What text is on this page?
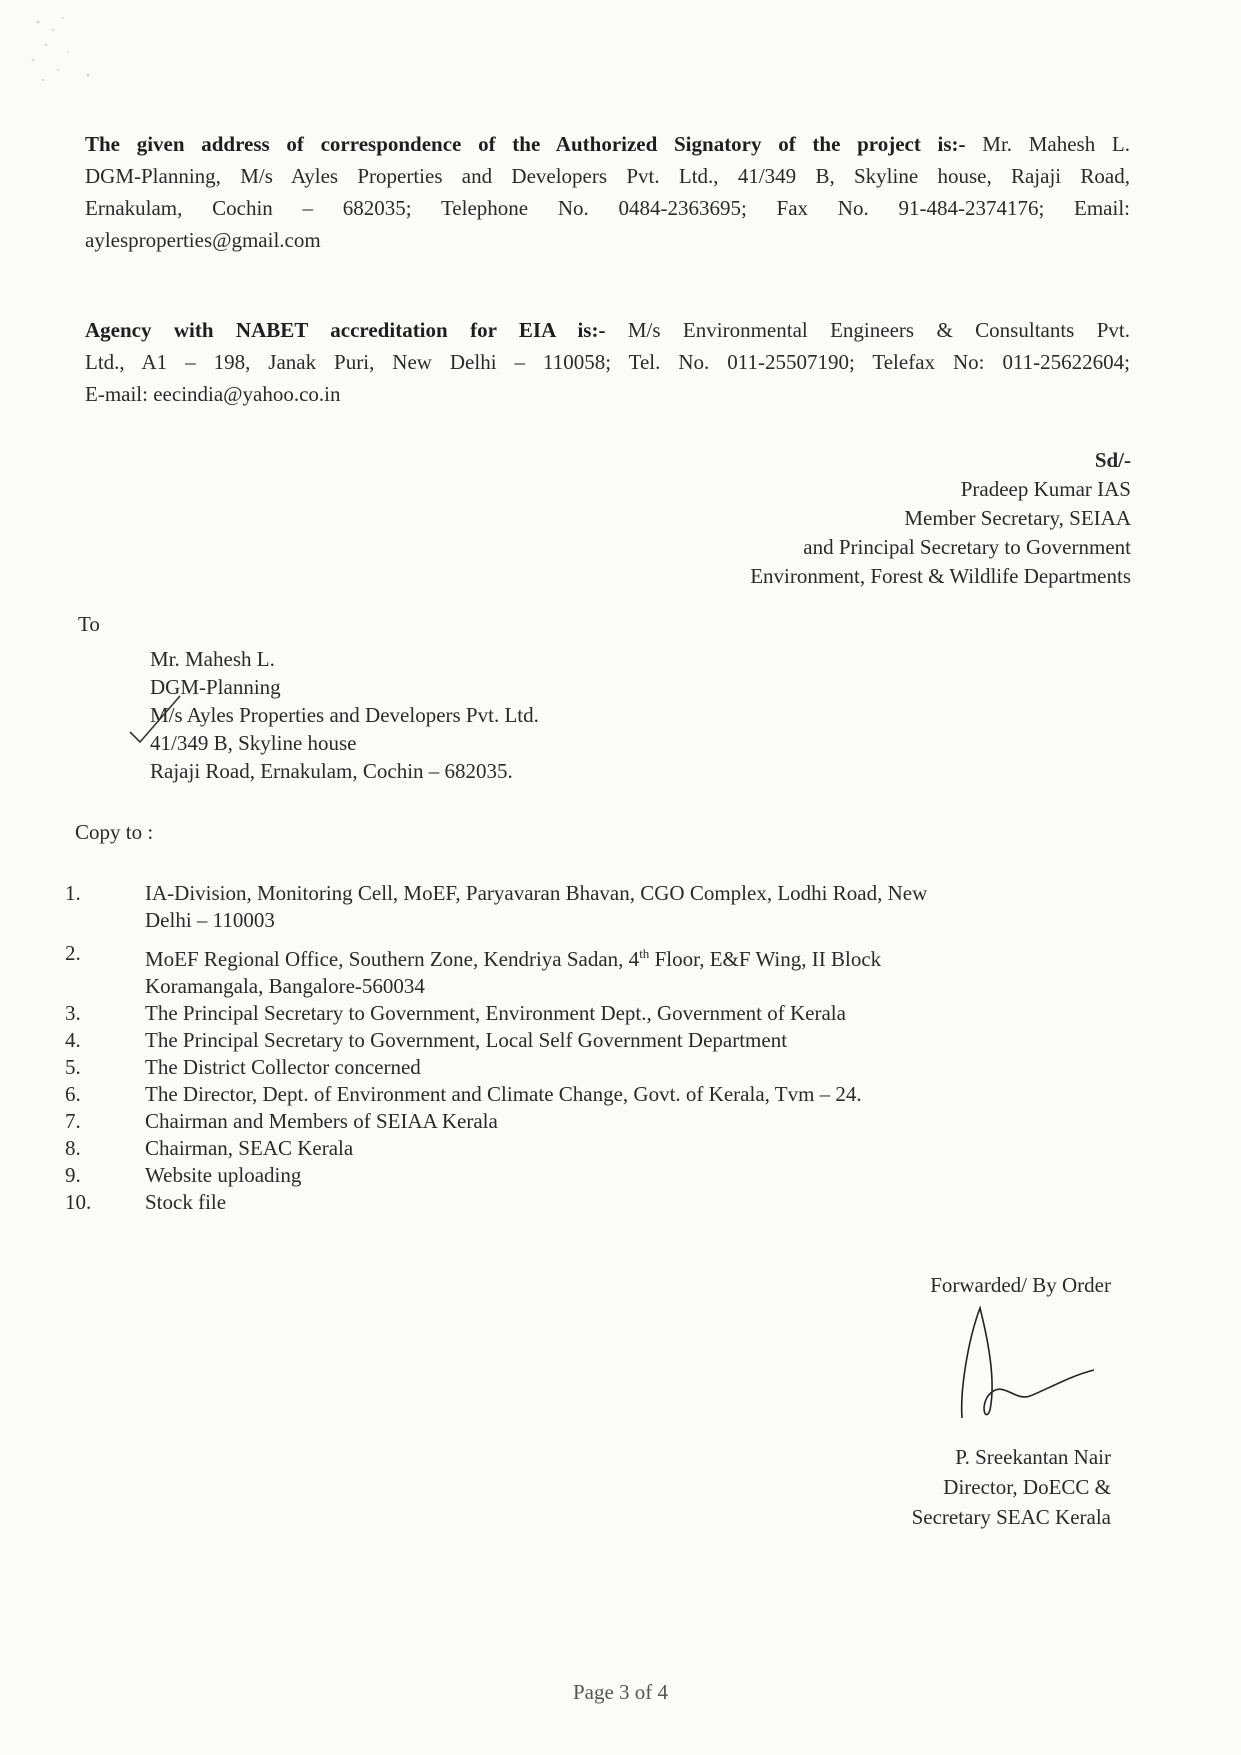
The given address of correspondence of the Authorized Signatory of the project is:- Mr. Mahesh L.
DGM-Planning, M/s Ayles Properties and Developers Pvt. Ltd., 41/349 B, Skyline house, Rajaji Road,
Ernakulam, Cochin – 682035; Telephone No. 0484-2363695; Fax No. 91-484-2374176; Email:
aylesproperties@gmail.com
Agency with NABET accreditation for EIA is:- M/s Environmental Engineers & Consultants Pvt.
Ltd., A1 – 198, Janak Puri, New Delhi – 110058; Tel. No. 011-25507190; Telefax No: 011-25622604;
E-mail: eecindia@yahoo.co.in
Sd/-
Pradeep Kumar IAS
Member Secretary, SEIAA
and Principal Secretary to Government
Environment, Forest & Wildlife Departments
To
Mr. Mahesh L.
DGM-Planning
M/s Ayles Properties and Developers Pvt. Ltd.
41/349 B, Skyline house
Rajaji Road, Ernakulam, Cochin – 682035.
Copy to :
1.	IA-Division, Monitoring Cell, MoEF, Paryavaran Bhavan, CGO Complex, Lodhi Road, New
Delhi – 110003
2.	MoEF Regional Office, Southern Zone, Kendriya Sadan, 4th Floor, E&F Wing, II Block
Koramangala, Bangalore-560034
3.	The Principal Secretary to Government, Environment Dept., Government of Kerala
4.	The Principal Secretary to Government, Local Self Government Department
5.	The District Collector concerned
6.	The Director, Dept. of Environment and Climate Change, Govt. of Kerala, Tvm – 24.
7.	Chairman and Members of SEIAA Kerala
8.	Chairman, SEAC Kerala
9.	Website uploading
10.	Stock file
Forwarded/ By Order
P. Sreekantan Nair
Director, DoECC &
Secretary SEAC Kerala
Page 3 of 4
